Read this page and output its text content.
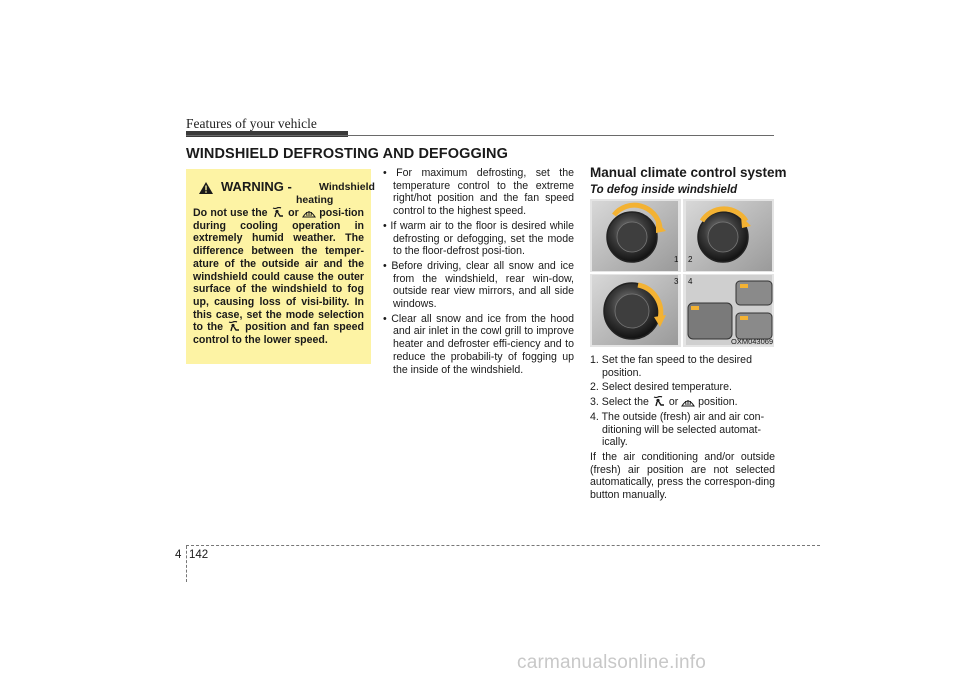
Features of your vehicle
WINDSHIELD DEFROSTING AND DEFOGGING
WARNING -	Windshield
heating
Do not use the or posi-tion during cooling operation in extremely humid weather. The difference between the temper-ature of the outside air and the windshield could cause the outer surface of the windshield to fog up, causing loss of visi-bility. In this case, set the mode selection to the position and fan speed control to the lower speed.
• For maximum defrosting, set the temperature control to the extreme right/hot position and the fan speed control to the highest speed.
• If warm air to the floor is desired while defrosting or defogging, set the mode to the floor-defrost posi-tion.
• Before driving, clear all snow and ice from the windshield, rear win-dow, outside rear view mirrors, and all side windows.
• Clear all snow and ice from the hood and air inlet in the cowl grill to improve heater and defroster effi-ciency and to reduce the probabili-ty of fogging up the inside of the windshield.
Manual climate control system
To defog inside windshield
1 2
3 4
OXM043069
1. Set the fan speed to the desired position.
2. Select desired temperature.
3. Select the or position.
4. The outside (fresh) air and air con-ditioning will be selected automat-ically.
If the air conditioning and/or outside (fresh) air position are not selected automatically, press the correspon-ding button manually.
4 142
carmanualsonline.info
